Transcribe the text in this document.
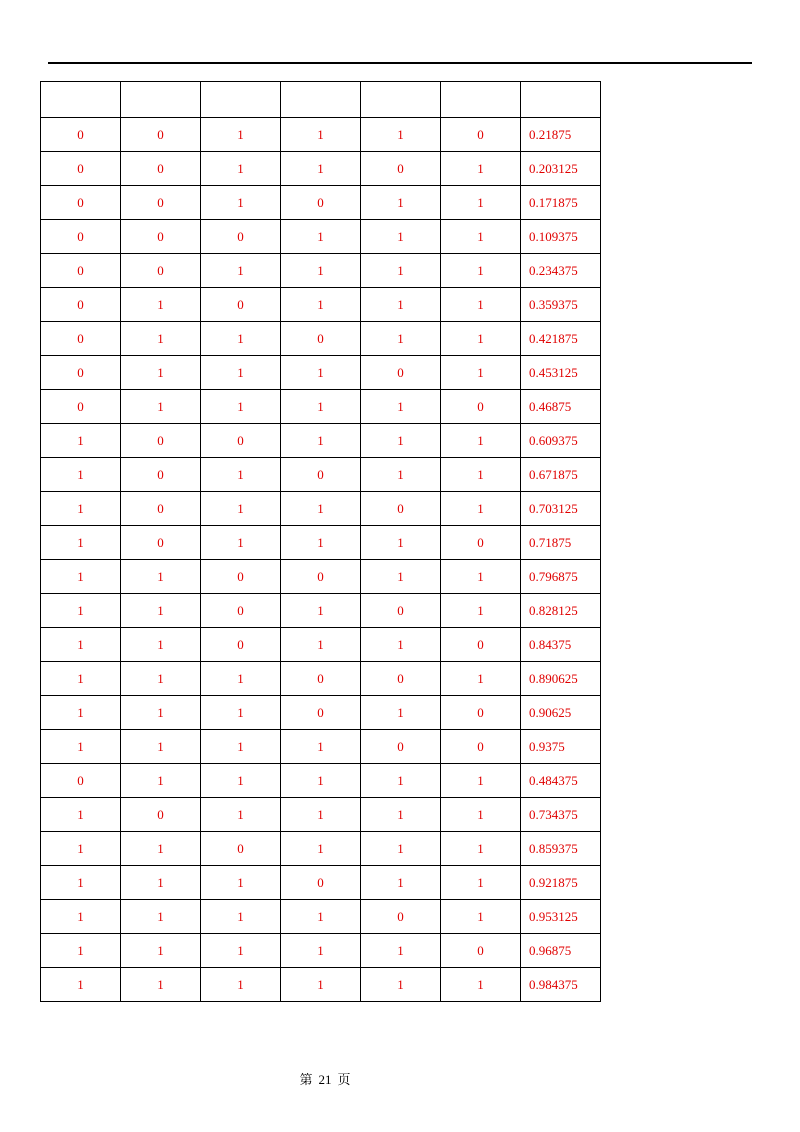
0	0	1	1	1	0	0.21875
0	0	1	1	0	1	0.203125
0	0	1	0	1	1	0.171875
0	0	0	1	1	1	0.109375
0	0	1	1	1	1	0.234375
0	1	0	1	1	1	0.359375
0	1	1	0	1	1	0.421875
0	1	1	1	0	1	0.453125
0	1	1	1	1	0	0.46875
1	0	0	1	1	1	0.609375
1	0	1	0	1	1	0.671875
1	0	1	1	0	1	0.703125
1	0	1	1	1	0	0.71875
1	1	0	0	1	1	0.796875
1	1	0	1	0	1	0.828125
1	1	0	1	1	0	0.84375
1	1	1	0	0	1	0.890625
1	1	1	0	1	0	0.90625
1	1	1	1	0	0	0.9375
0	1	1	1	1	1	0.484375
1	0	1	1	1	1	0.734375
1	1	0	1	1	1	0.859375
1	1	1	0	1	1	0.921875
1	1	1	1	0	1	0.953125
1	1	1	1	1	0	0.96875
1	1	1	1	1	1	0.984375
第 21 页
